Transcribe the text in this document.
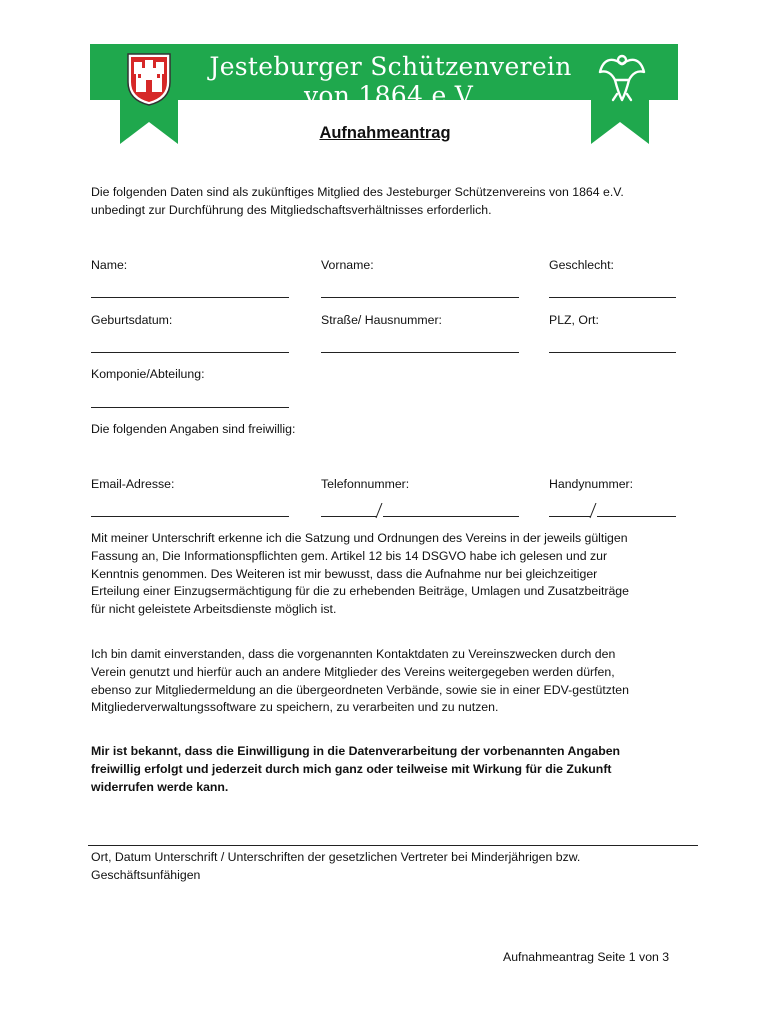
Jesteburger Schützenverein von 1864 e.V.
Aufnahmeantrag
Die folgenden Daten sind als zukünftiges Mitglied des Jesteburger Schützenvereins von 1864 e.V.
unbedingt zur Durchführung des Mitgliedschaftsverhältnisses erforderlich.
Name:	Vorname:	Geschlecht:
Geburtsdatum:	Straße/ Hausnummer:	PLZ, Ort:
Komponie/Abteilung:
Die folgenden Angaben sind freiwillig:
Email-Adresse:	Telefonnummer:	Handynummer:
Mit meiner Unterschrift erkenne ich die Satzung und Ordnungen des Vereins in der jeweils gültigen
Fassung an, Die Informationspflichten gem. Artikel 12 bis 14 DSGVO habe ich gelesen und zur
Kenntnis genommen. Des Weiteren ist mir bewusst, dass die Aufnahme nur bei gleichzeitiger
Erteilung einer Einzugsermächtigung für die zu erhebenden Beiträge, Umlagen und Zusatzbeiträge
für nicht geleistete Arbeitsdienste möglich ist.
Ich bin damit einverstanden, dass die vorgenannten Kontaktdaten zu Vereinszwecken durch den
Verein genutzt und hierfür auch an andere Mitglieder des Vereins weitergegeben werden dürfen,
ebenso zur Mitgliedermeldung an die übergeordneten Verbände, sowie sie in einer EDV-gestützten
Mitgliederverwaltungssoftware zu speichern, zu verarbeiten und zu nutzen.
Mir ist bekannt, dass die Einwilligung in die Datenverarbeitung der vorbenannten Angaben
freiwillig erfolgt und jederzeit durch mich ganz oder teilweise mit Wirkung für die Zukunft
widerrufen werde kann.
Ort, Datum Unterschrift / Unterschriften der gesetzlichen Vertreter bei Minderjährigen bzw.
Geschäftsunfähigen
Aufnahmeantrag Seite 1 von 3
